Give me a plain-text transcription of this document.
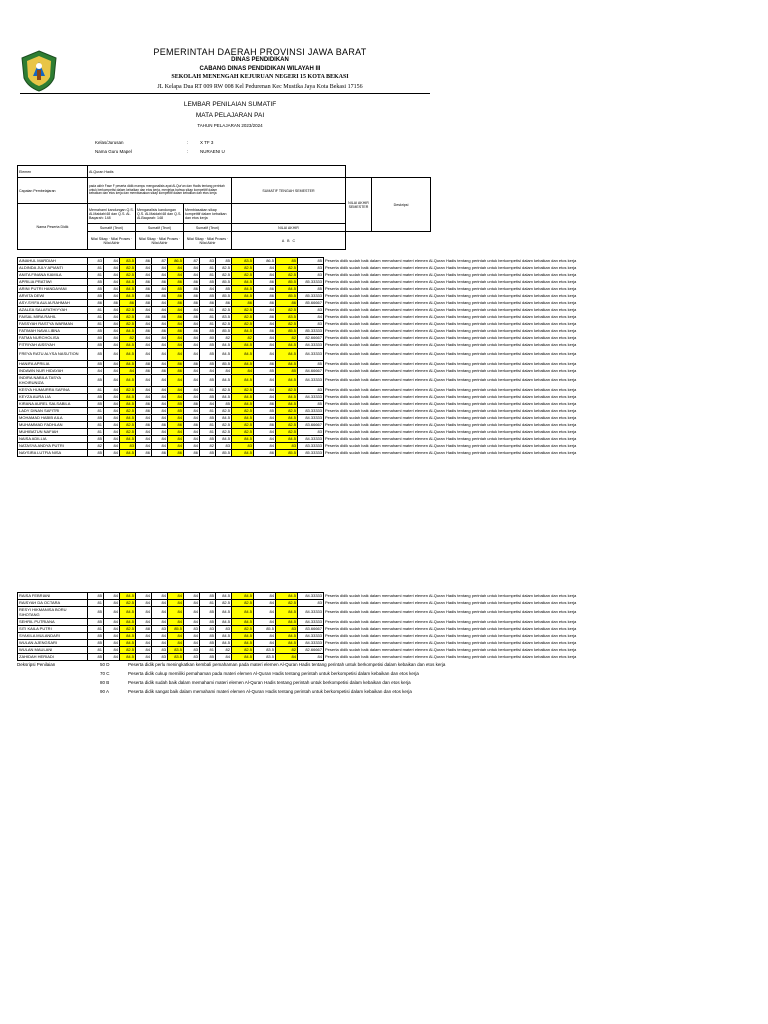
PEMERINTAH DAERAH PROVINSI JAWA BARAT
DINAS PENDIDIKAN
CABANG DINAS PENDIDIKAN WILAYAH III
SEKOLAH MENENGAH KEJURUAN NEGERI 15 KOTA BEKASI
JL Kelapa Dua RT 009 RW 008 Kel Pedurenan Kec Mustika Jaya Kota Bekasi 17156
LEMBAR PENILAIAN SUMATIF
MATA PELAJARAN PAI
TAHUN PELAJARAN 2023/2024
Kelas/Jurusan	:	X TF 3
Nama Guru Mapel	:	NURAENI U
Elemen	Al-Quran Hadis					
Capaian Pembelajaran	pada akhir Fase F peserta didik mampu menganalisis ayat Al-Qur'an dan Hadis tentang perintah untuk berkompetisi dalam kebaikan dan etos kerja, menjelas bahwa sikap kompetitif dalam kebaikan dan etos kerja dan membiasakan sikap kompetitif dalam kebaikan dan etos kerja			SUMATIF TENGAH SEMESTER	NILAI AKHIR SEMESTER	Deskripsi
Nama Peserta Didik	Memahami kandungan Q.S. Al-Maidah/48 dan Q.S. Al-Baqarah: 148	Mengaralisis kandungan Q.S. Al-Maidah/48 dan Q.S. Al-Baqarah: 148	Membiasakan sikap kompetitif dalam kebaikan dan etos kerja			
	Sumatif (Teori)	Sumatif (Teori)	Sumatif (Teori)	NILAI AKHIR		
	Nilai Sikap · Nilai Proses · Nilai Akhir	Nilai Sikap · Nilai Proses · Nilai Akhir	Nilai Sikap · Nilai Proses · Nilai Akhir	A B C		
AINAHUL MARDIAH	83	84	83.5	86	87	86.5	87	83	85	83.5	86.5	85	85	Peserta didik sudah baik dalam memahami materi elemen Al-Quran Hadis tentang perintah untuk berkompetisi dalam kebaikan dan etos kerja
ALDINDA JULY APIANTI	81	84	82.5	84	84	84	84	81	82.5	82.5	84	82.5	83	Peserta didik sudah baik dalam memahami materi elemen Al-Quran Hadis tentang perintah untuk berkompetisi dalam kebaikan dan etos kerja
ANITA FINANA KAMILA	81	84	82.5	84	84	84	84	81	82.5	82.5	84	82.5	83	Peserta didik sudah baik dalam memahami materi elemen Al-Quran Hadis tentang perintah untuk berkompetisi dalam kebaikan dan etos kerja
APRILIA PRATIWI	85	84	84.5	86	86	86	86	85	85.5	84.5	86	85.5	85.33333	Peserta didik sudah baik dalam memahami materi elemen Al-Quran Hadis tentang perintah untuk berkompetisi dalam kebaikan dan etos kerja
ARINI PUTRI HANDAYANI	85	84	84.5	86	84	85	86	84	85	84.5	86	84.5	85	Peserta didik sudah baik dalam memahami materi elemen Al-Quran Hadis tentang perintah untuk berkompetisi dalam kebaikan dan etos kerja
ARVITA DEWI	85	84	84.5	86	86	86	86	85	85.5	84.5	86	85.5	85.33333	Peserta didik sudah baik dalam memahami materi elemen Al-Quran Hadis tentang perintah untuk berkompetisi dalam kebaikan dan etos kerja
ASY-SYIFA AULIA RAHMAH	86	86	86	88	84	86	86	86	86	86	86	86	85.66667	Peserta didik sudah baik dalam memahami materi elemen Al-Quran Hadis tentang perintah untuk berkompetisi dalam kebaikan dan etos kerja
AZALEA SALAFATHIYYAH	81	84	82.5	84	84	84	84	81	82.5	82.5	84	82.5	83	Peserta didik sudah baik dalam memahami materi elemen Al-Quran Hadis tentang perintah untuk berkompetisi dalam kebaikan dan etos kerja
FAISAL MIRA RAHIL	81	84	82.5	86	86	86	86	81	83.5	82.5	86	83.5	84	Peserta didik sudah baik dalam memahami materi elemen Al-Quran Hadis tentang perintah untuk berkompetisi dalam kebaikan dan etos kerja
FASSYAH RASTYA WARMAN	81	84	82.5	84	84	84	84	81	82.5	82.5	84	82.5	83	Peserta didik sudah baik dalam memahami materi elemen Al-Quran Hadis tentang perintah untuk berkompetisi dalam kebaikan dan etos kerja
FATIMAH NAVA LIBNA	85	84	84.5	86	86	86	86	85	85.5	84.5	86	85.5	85.33333	Peserta didik sudah baik dalam memahami materi elemen Al-Quran Hadis tentang perintah untuk berkompetisi dalam kebaikan dan etos kerja
FATMA NURCHOLISA	80	84	82	84	84	84	84	80	82	82	84	82	82.66667	Peserta didik sudah baik dalam memahami materi elemen Al-Quran Hadis tentang perintah untuk berkompetisi dalam kebaikan dan etos kerja
FITRIYAH AISSYAH	85	84	84.5	84	84	84	84	85	84.5	84.5	84	84.5	84.33333	Peserta didik sudah baik dalam memahami materi elemen Al-Quran Hadis tentang perintah untuk berkompetisi dalam kebaikan dan etos kerja
FREYA RATU ALYSA NASUTION	85	84	84.5	84	84	84	84	85	84.5	84.5	84	84.5	84.33333	Peserta didik sudah baik dalam memahami materi elemen Al-Quran Hadis tentang perintah untuk berkompetisi dalam kebaikan dan etos kerja
HANIFA APRILIA	85	84	84.5	88	84	86	86	85	85.5	84.5	86	84.5	85	Peserta didik sudah baik dalam memahami materi elemen Al-Quran Hadis tentang perintah untuk berkompetisi dalam kebaikan dan etos kerja
INDAWN NUR HIDAYAH	84	84	84	86	86	86	84	84	84	84	85	85	84.66667	Peserta didik sudah baik dalam memahami materi elemen Al-Quran Hadis tentang perintah untuk berkompetisi dalam kebaikan dan etos kerja
INDIRA NABILA TASYA KHOIRUNIZA	85	84	84.5	84	84	84	84	85	84.5	84.5	84	84.5	84.33333	Peserta didik sudah baik dalam memahami materi elemen Al-Quran Hadis tentang perintah untuk berkompetisi dalam kebaikan dan etos kerja
KESYA HUMAIRRA SAFINA	81	84	82.5	84	84	84	84	81	82.5	82.5	84	82.5	83	Peserta didik sudah baik dalam memahami materi elemen Al-Quran Hadis tentang perintah untuk berkompetisi dalam kebaikan dan etos kerja
KEYZA AURA LIA	85	84	84.5	84	84	84	84	85	84.5	84.5	84	84.5	84.33333	Peserta didik sudah baik dalam memahami materi elemen Al-Quran Hadis tentang perintah untuk berkompetisi dalam kebaikan dan etos kerja
KIRANA AUREL SALSABILA	85	84	84.5	86	84	85	86	84	85	84.5	86	84.5	85	Peserta didik sudah baik dalam memahami materi elemen Al-Quran Hadis tentang perintah untuk berkompetisi dalam kebaikan dan etos kerja
LADY DINAN SAFITRI	81	84	82.5	86	84	85	84	81	82.5	82.5	85	82.5	83.33333	Peserta didik sudah baik dalam memahami materi elemen Al-Quran Hadis tentang perintah untuk berkompetisi dalam kebaikan dan etos kerja
MOHAMAD HABIB AILA	85	84	84.5	84	84	84	84	85	84.5	84.5	84	84.5	84.33333	Peserta didik sudah baik dalam memahami materi elemen Al-Quran Hadis tentang perintah untuk berkompetisi dalam kebaikan dan etos kerja
MUHAMMAD FADHLAN	81	84	82.5	86	86	86	86	81	82.5	82.5	86	82.5	83.66667	Peserta didik sudah baik dalam memahami materi elemen Al-Quran Hadis tentang perintah untuk berkompetisi dalam kebaikan dan etos kerja
MUHIBATUN NAFIAH	81	84	82.5	84	84	84	84	81	82.5	82.5	84	82.5	83	Peserta didik sudah baik dalam memahami materi elemen Al-Quran Hadis tentang perintah untuk berkompetisi dalam kebaikan dan etos kerja
NAISA ADILLIA	85	84	84.5	84	84	84	84	85	84.5	84.5	84	84.5	84.33333	Peserta didik sudah baik dalam memahami materi elemen Al-Quran Hadis tentang perintah untuk berkompetisi dalam kebaikan dan etos kerja
NATASYA ANDYA PUTRI	82	84	83	84	84	84	84	82	83	83	84	83	83.33333	Peserta didik sudah baik dalam memahami materi elemen Al-Quran Hadis tentang perintah untuk berkompetisi dalam kebaikan dan etos kerja
NAYSIRA LUTFIA NISA	85	84	84.5	86	86	86	86	85	85.5	84.5	86	85.5	85.33333	Peserta didik sudah baik dalam memahami materi elemen Al-Quran Hadis tentang perintah untuk berkompetisi dalam kebaikan dan etos kerja
RAISA FEBRIANI	85	84	84.5	84	84	84	84	85	84.5	84.5	84	84.5	84.33333	Peserta didik sudah baik dalam memahami materi elemen Al-Quran Hadis tentang perintah untuk berkompetisi dalam kebaikan dan etos kerja
RAISYAH DA OCTARA	81	84	82.5	84	84	84	84	81	82.5	82.5	84	82.5	83	Peserta didik sudah baik dalam memahami materi elemen Al-Quran Hadis tentang perintah untuk berkompetisi dalam kebaikan dan etos kerja
RESYI HIKMANISA BORU SIHOTANG	85	84	84.5	84	84	84	84	85	84.5	84.5	84	84.5	84.33333	Peserta didik sudah baik dalam memahami materi elemen Al-Quran Hadis tentang perintah untuk berkompetisi dalam kebaikan dan etos kerja
SEHRIL PUTRIANA	85	84	84.5	84	84	84	84	85	84.5	84.5	84	84.5	84.33333	Peserta didik sudah baik dalam memahami materi elemen Al-Quran Hadis tentang perintah untuk berkompetisi dalam kebaikan dan etos kerja
SITI KAILA PUTRI	81	84	82.5	88	83	85.5	83	83	83	82.5	85.5	83	83.66667	Peserta didik sudah baik dalam memahami materi elemen Al-Quran Hadis tentang perintah untuk berkompetisi dalam kebaikan dan etos kerja
SYAKILA MULANDARI	85	84	84.5	84	84	84	84	85	84.5	84.5	84	84.5	84.33333	Peserta didik sudah baik dalam memahami materi elemen Al-Quran Hadis tentang perintah untuk berkompetisi dalam kebaikan dan etos kerja
WULAN AJENGSARI	85	84	84.5	84	84	84	84	85	84.5	84.5	84	84.5	84.33333	Peserta didik sudah baik dalam memahami materi elemen Al-Quran Hadis tentang perintah untuk berkompetisi dalam kebaikan dan etos kerja
WULAN MAULANI	81	84	82.5	84	83	83.5	83	81	82	82.5	83.5	82	82.66667	Peserta didik sudah baik dalam memahami materi elemen Al-Quran Hadis tentang perintah untuk berkompetisi dalam kebaikan dan etos kerja
ZAHIDAH HERIADI	85	84	84.5	84	83	83.5	83	85	84	84.5	83.5	84	84	Peserta didik sudah baik dalam memahami materi elemen Al-Quran Hadis tentang perintah untuk berkompetisi dalam kebaikan dan etos kerja
Deksripsi Penilaian	50 D	Peserta didik perlu meningkatkan kembali pemahaman pada materi elemen Al-Quran Hadis tentang perintah untuk berkompetisi dalam kebaikan dan etos kerja
70 C	Peserta didik cukup memiliki pemahaman pada materi elemen Al-Quran Hadis tentang perintah untuk berkompetisi dalam kebaikan dan etos kerja
80 B	Peserta didik sudah baik dalam memahami materi elemen Al-Quran Hadis tentang perintah untuk berkompetisi dalam kebaikan dan etos kerja
90 A	Peserta didik sangat baik dalam memahami materi elemen Al-Quran Hadis tentang perintah untuk berkompetisi dalam kebaikan dan etos kerja
